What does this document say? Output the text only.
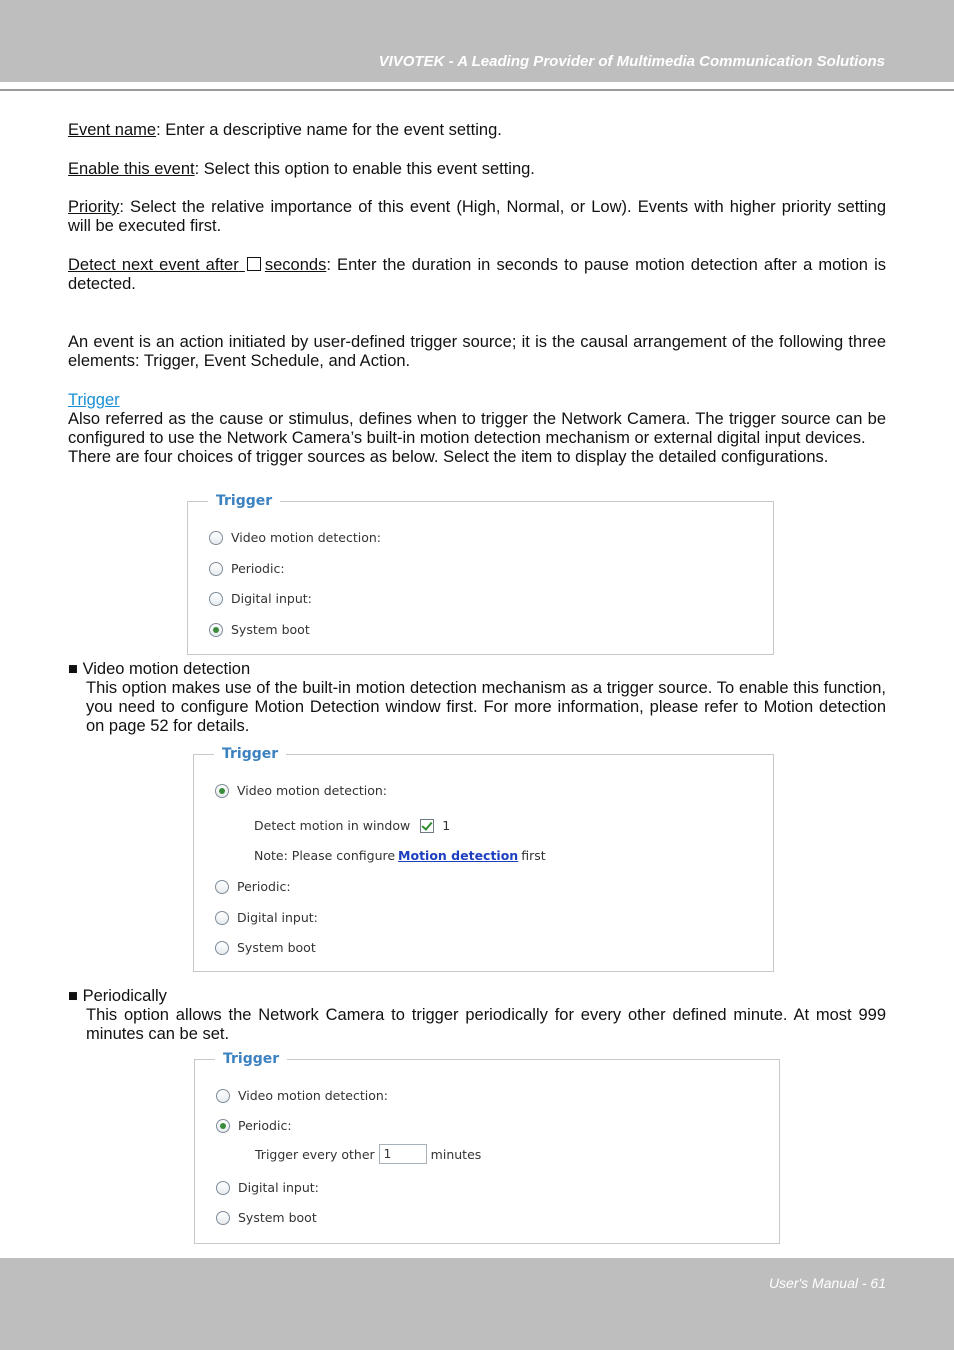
VIVOTEK - A Leading Provider of Multimedia Communication Solutions

Event name: Enter a descriptive name for the event setting.

Enable this event: Select this option to enable this event setting.

Priority: Select the relative importance of this event (High, Normal, or Low). Events with higher priority setting will be executed first.

Detect next event after seconds: Enter the duration in seconds to pause motion detection after a motion is detected.

An event is an action initiated by user-defined trigger source; it is the causal arrangement of the following three elements: Trigger, Event Schedule, and Action.

Trigger
Also referred as the cause or stimulus, defines when to trigger the Network Camera. The trigger source can be configured to use the Network Camera’s built-in motion detection mechanism or external digital input devices.
There are four choices of trigger sources as below. Select the item to display the detailed configurations.

Trigger
Video motion detection:
Periodic:
Digital input:
System boot

■ Video motion detection

This option makes use of the built-in motion detection mechanism as a trigger source. To enable this function, you need to configure Motion Detection window first. For more information, please refer to Motion detection on page 52 for details.

Trigger
Video motion detection:
Detect motion in window	1
Note: Please configure Motion detection first
Periodic:
Digital input:
System boot

■ Periodically

This option allows the Network Camera to trigger periodically for every other defined minute. At most 999 minutes can be set.

Trigger
Video motion detection:
Periodic:
Trigger every other 1	minutes
Digital input:
System boot
User's Manual - 61
